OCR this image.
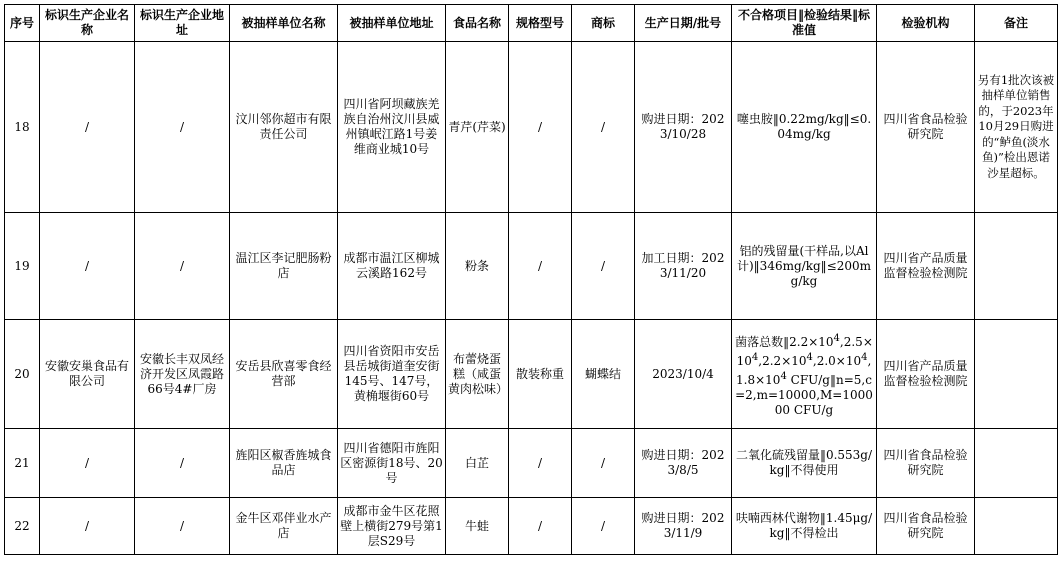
序号	标识生产企业名称	标识生产企业地址	被抽样单位名称	被抽样单位地址	食品名称	规格型号	商标	生产日期/批号	不合格项目‖检验结果‖标准值	检验机构	备注
18	/	/	汶川邻你超市有限责任公司	四川省阿坝藏族羌族自治州汶川县威州镇岷江路1号姜维商业城10号	青芹(芹菜)	/	/	购进日期：2023/10/28	噻虫胺‖0.22mg/kg‖≤0.04mg/kg	四川省食品检验研究院	另有1批次该被抽样单位销售的，于2023年10月29日购进的“鲈鱼(淡水鱼)”检出恩诺沙星超标。
19	/	/	温江区李记肥肠粉店	成都市温江区柳城云溪路162号	粉条	/	/	加工日期：2023/11/20	铝的残留量(干样品,以Al计)‖346mg/kg‖≤200mg/kg	四川省产品质量监督检验检测院	
20	安徽安巢食品有限公司	安徽长丰双凤经济开发区凤霞路66号4#厂房	安岳县欣喜零食经营部	四川省资阳市安岳县岳城街道奎安街145号、147号，黄桷堰街60号	布蕾烧蛋糕（咸蛋黄肉松味）	散装称重	蝴蝶结	2023/10/4	菌落总数$‖2.2\times 10^4,2.5\times 10^4,2.2\times 10^4,2.0\times 10^4,1.8\times 10^4$ CFU/g‖n=5,c=2,m=10000,M=100000 CFU/g	四川省产品质量监督检验检测院	
21	/	/	旌阳区椒香旌城食品店	四川省德阳市旌阳区密源街18号、20号	白芷	/	/	购进日期：2023/8/5	二氧化硫残留量‖0.553g/kg‖不得使用	四川省食品检验研究院	
22	/	/	金牛区邓伴业水产店	成都市金牛区花照壁上横街279号第1层S29号	牛蛙	/	/	购进日期：2023/11/9	呋喃西林代谢物‖1.45μg/kg‖不得检出	四川省食品检验研究院	
